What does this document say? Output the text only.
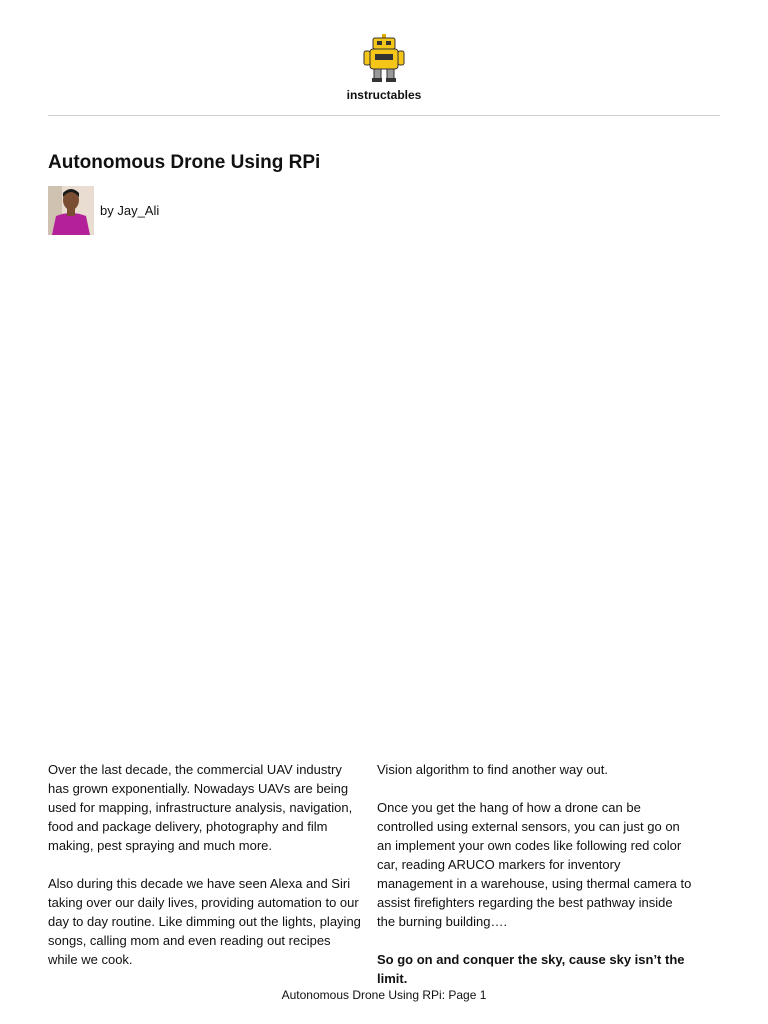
instructables
Autonomous Drone Using RPi
by Jay_Ali

Over the last decade, the commercial UAV industry has grown exponentially. Nowadays UAVs are being used for mapping, infrastructure analysis, navigation, food and package delivery, photography and film making, pest spraying and much more.

Also during this decade we have seen Alexa and Siri taking over our daily lives, providing automation to our day to day routine. Like dimming out the lights, playing songs, calling mom and even reading out recipes while we cook.

Vision algorithm to find another way out.

Once you get the hang of how a drone can be controlled using external sensors, you can just go on an implement your own codes like following red color car, reading ARUCO markers for inventory management in a warehouse, using thermal camera to assist firefighters regarding the best pathway inside the burning building….

So go on and conquer the sky, cause sky isn’t the limit.

Autonomous Drone Using RPi: Page 1
